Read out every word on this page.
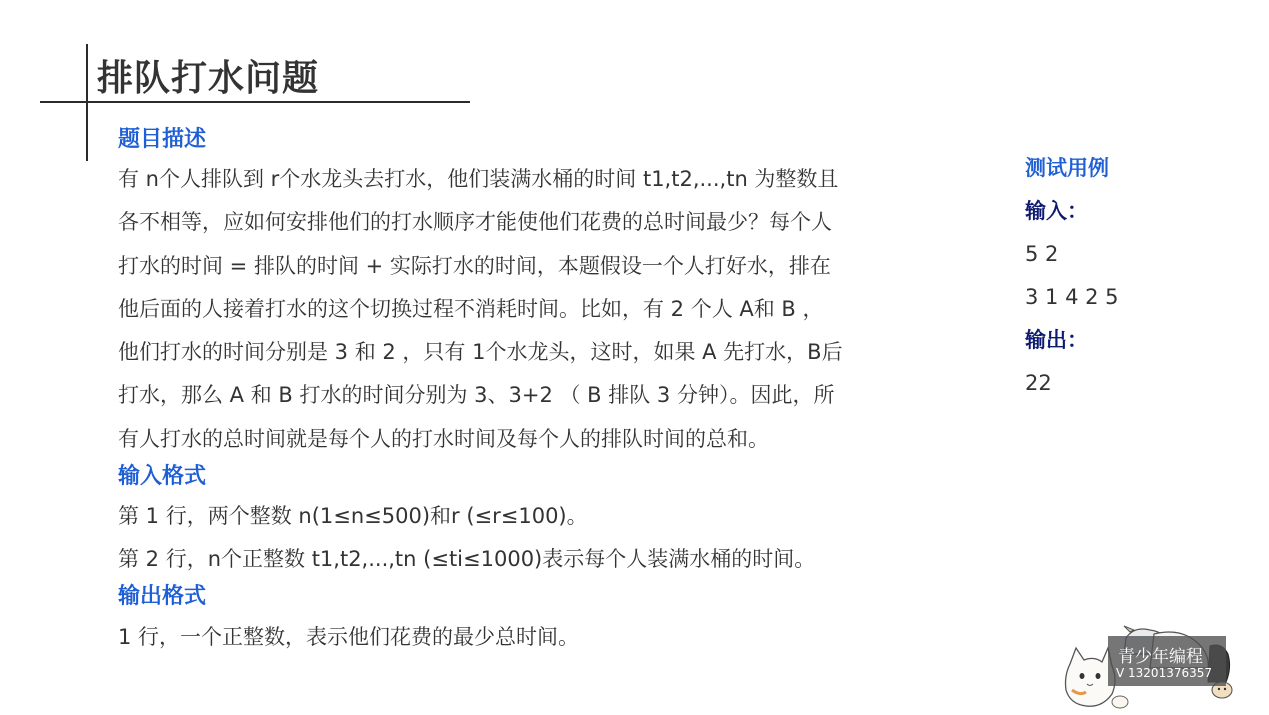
排队打水问题
题目描述
有 n个人排队到 r个水龙头去打水，他们装满水桶的时间 t1,t2,...,tn 为整数且
各不相等，应如何安排他们的打水顺序才能使他们花费的总时间最少？每个人
打水的时间 = 排队的时间 + 实际打水的时间，本题假设一个人打好水，排在
他后面的人接着打水的这个切换过程不消耗时间。比如，有 2 个人 A和 B ，
他们打水的时间分别是 3 和 2 ，只有 1个水龙头，这时，如果 A 先打水，B后
打水，那么 A 和 B 打水的时间分别为 3、3+2 （ B 排队 3 分钟）。因此，所
有人打水的总时间就是每个人的打水时间及每个人的排队时间的总和。
输入格式
第 1 行，两个整数 n(1≤n≤500)和r (≤r≤100)。
第 2 行，n个正整数 t1,t2,...,tn (≤ti≤1000)表示每个人装满水桶的时间。
输出格式
1 行，一个正整数，表示他们花费的最少总时间。
测试用例
输入：
5 2
3 1 4 2 5
输出：
22
青少年编程
V 13201376357
